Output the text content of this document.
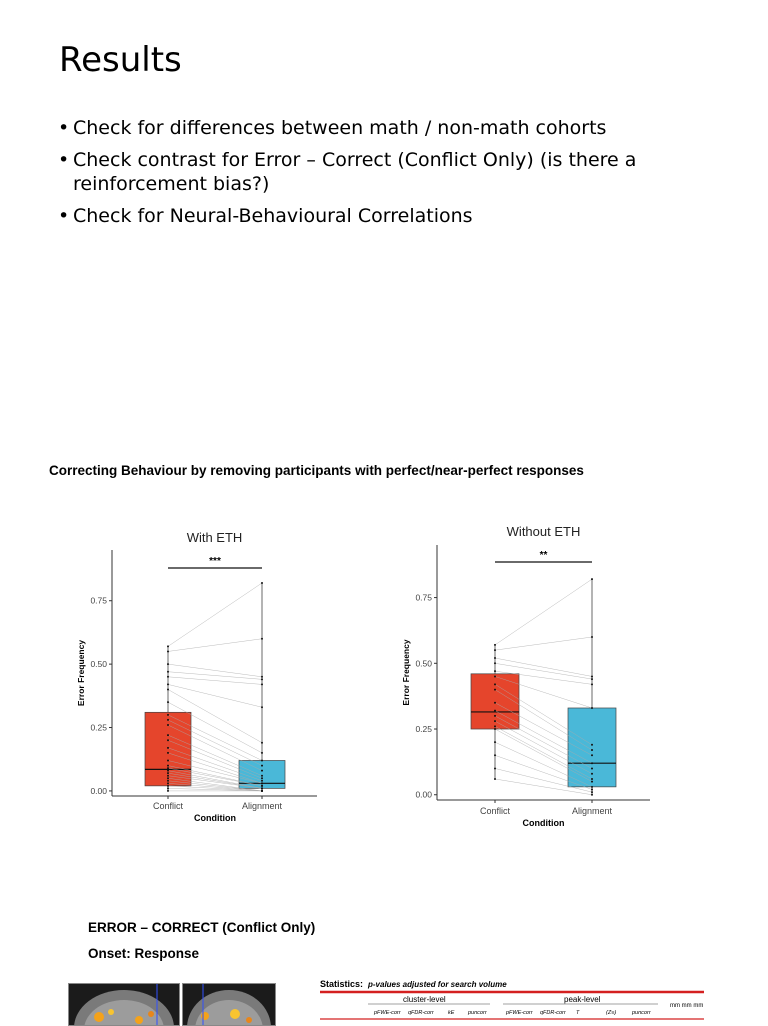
Results
• Check for differences between math / non-math cohorts
• Check contrast for Error – Correct (Conflict Only) (is there a reinforcement bias?)
• Check for Neural-Behavioural Correlations
Correcting Behaviour by removing participants with perfect/near-perfect responses
With ETH
0.00
0.25
0.50
0.75
Error Frequency
Conflict	Alignment
Condition
***
Without ETH
0.00
0.25
0.50
0.75
Error Frequency
Conflict	Alignment
Condition
**
ERROR – CORRECT (Conflict Only)
Onset: Response
Statistics: p-values adjusted for search volume
cluster-level	peak-level
mm mm mm
pFWE-corr qFDR-corr	kE puncorr	pFWE-corr qFDR-corr T	(Z≡)	puncorr
